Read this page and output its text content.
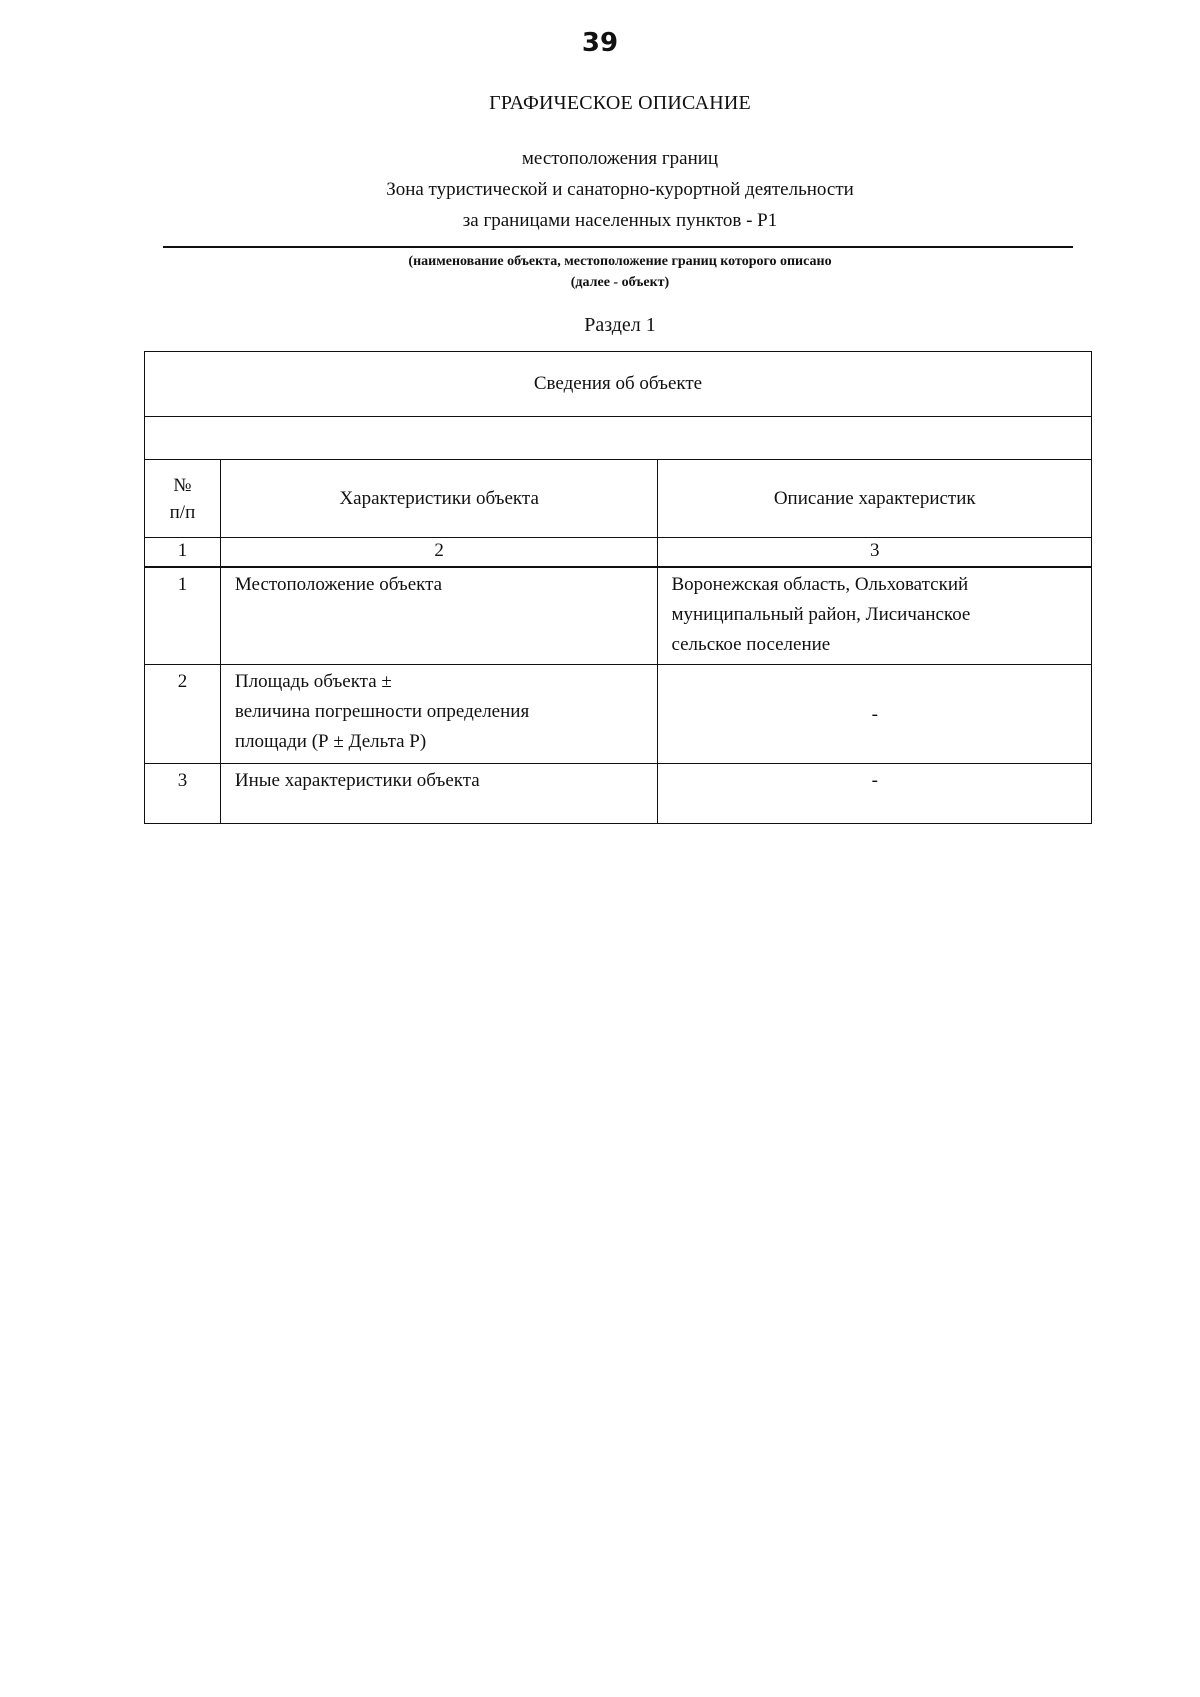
39
ГРАФИЧЕСКОЕ ОПИСАНИЕ
местоположения границ
Зона туристической и санаторно-курортной деятельности
за границами населенных пунктов - Р1
(наименование объекта, местоположение границ которого описано
(далее - объект)
Раздел 1
Сведения об объекте		

№
п/п	Характеристики объекта	Описание характеристик
1	2	3
1	Местоположение объекта	Воронежская область, Ольховатский
муниципальный район, Лисичанское
сельское поселение

2	Площадь объекта ±
величина погрешности определения
площади (Р ± Дельта Р)	-
3	Иные характеристики объекта	-
